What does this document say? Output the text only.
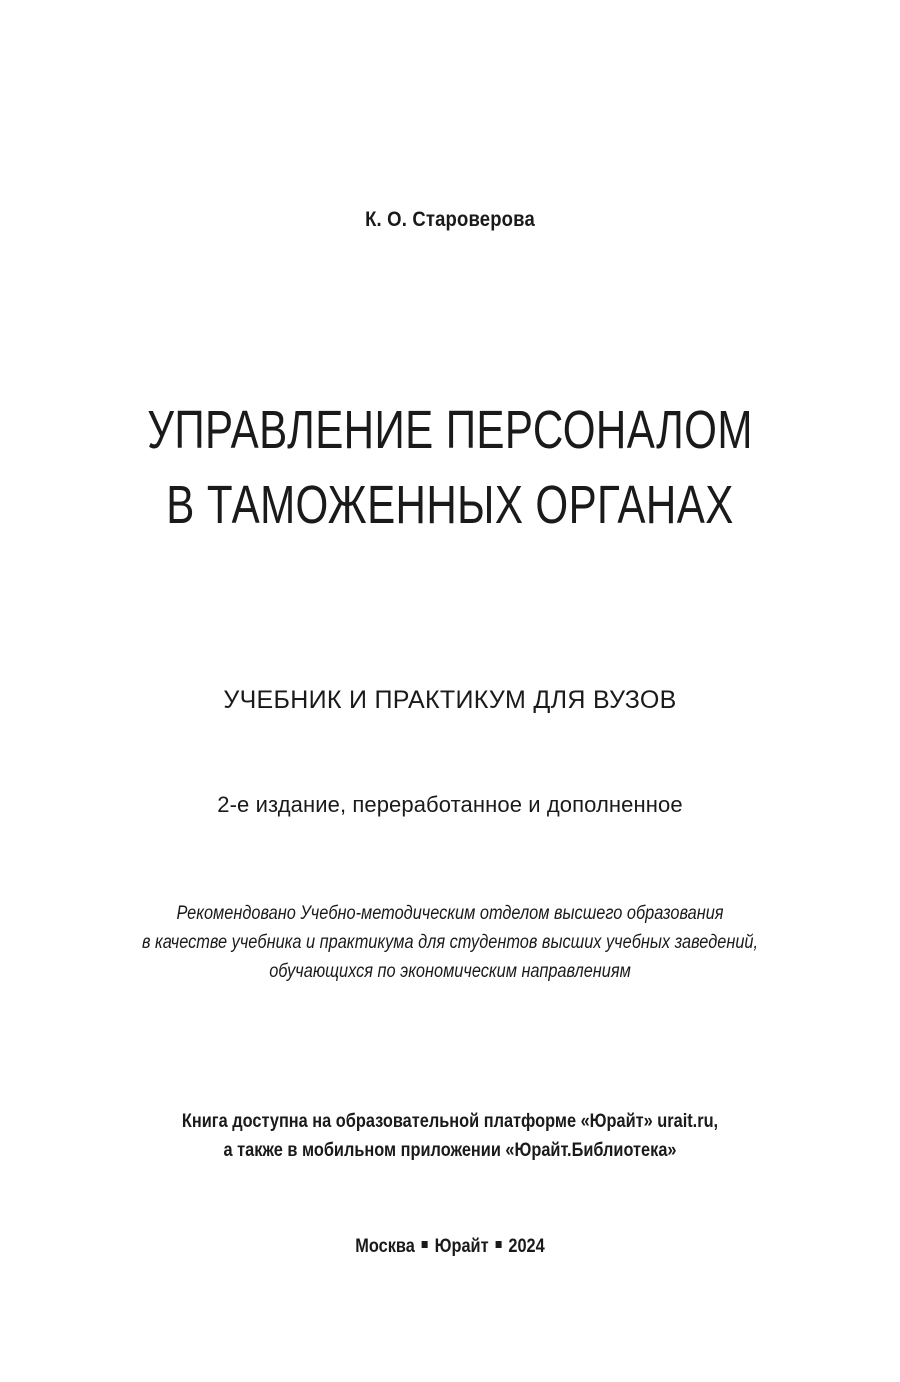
К. О. Староверова

УПРАВЛЕНИЕ ПЕРСОНАЛОМ
В ТАМОЖЕННЫХ ОРГАНАХ

УЧЕБНИК И ПРАКТИКУМ ДЛЯ ВУЗОВ

2-е издание, переработанное и дополненное

Рекомендовано Учебно-методическим отделом высшего образования

в качестве учебника и практикума для студентов высших учебных заведений,

обучающихся по экономическим направлениям

Книга доступна на образовательной платформе «Юрайт» urait.ru,

а также в мобильном приложении «Юрайт.Библиотека»

Москва Юрайт 2024
